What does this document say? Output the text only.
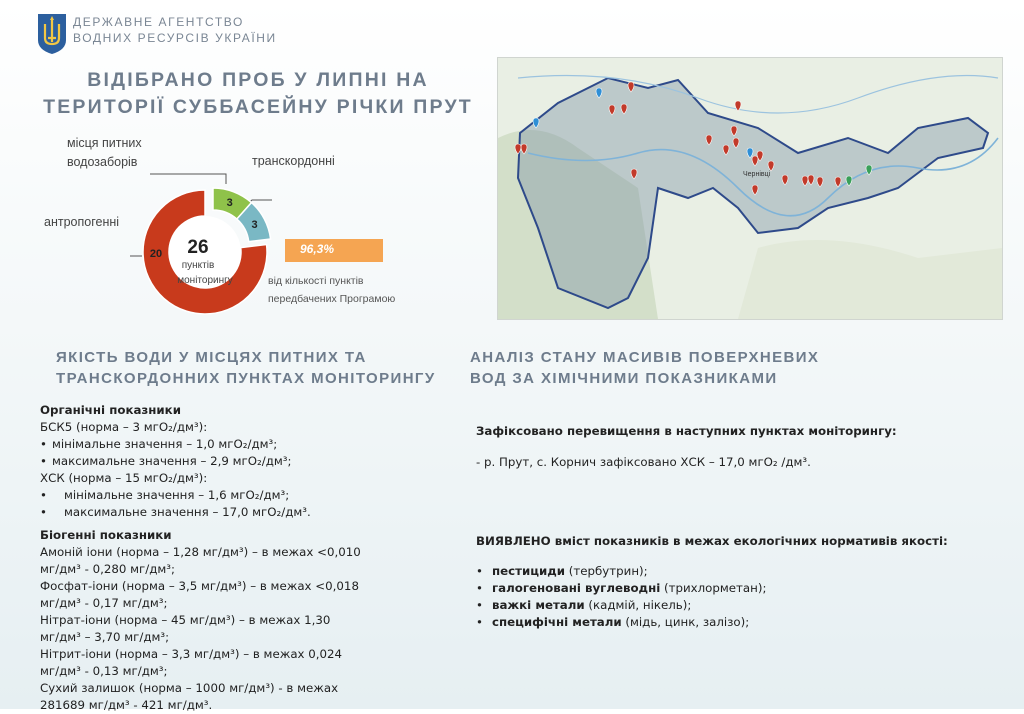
ДЕРЖАВНЕ АГЕНТСТВО
ВОДНИХ РЕСУРСІВ УКРАЇНИ
ВІДІБРАНО ПРОБ У ЛИПНІ НА
ТЕРИТОРІЇ СУББАСЕЙНУ РІЧКИ ПРУТ
місця питних
водозаборів	транскордонні
антропогенні
20
3
3
26
пунктів
моніторингу
96,3%
від кількості пунктів
передбачених Програмою
Чернівці
ЯКІСТЬ ВОДИ У МІСЦЯХ ПИТНИХ ТА
ТРАНСКОРДОННИХ ПУНКТАХ МОНІТОРИНГУ
Органічні показники
БСК5 (норма – 3 мгО₂/дм³):
• мінімальне значення – 1,0 мгО₂/дм³;
• максимальне значення – 2,9 мгО₂/дм³;
ХСК (норма – 15 мгО₂/дм³):
• мінімальне значення – 1,6 мгО₂/дм³;
• максимальне значення – 17,0 мгО₂/дм³.
Біогенні показники
Амоній іони (норма – 1,28 мг/дм³) – в межах <0,010
мг/дм³ - 0,280 мг/дм³;
Фосфат-іони (норма – 3,5 мг/дм³) – в межах <0,018
мг/дм³ - 0,17 мг/дм³;
Нітрат-іони (норма – 45 мг/дм³) – в межах 1,30
мг/дм³ – 3,70 мг/дм³;
Нітрит-іони (норма – 3,3 мг/дм³) – в межах 0,024
мг/дм³ - 0,13 мг/дм³;
Сухий залишок (норма – 1000 мг/дм³) - в межах
281689 мг/дм³ - 421 мг/дм³.
АНАЛІЗ СТАНУ МАСИВІВ ПОВЕРХНЕВИХ
ВОД ЗА ХІМІЧНИМИ ПОКАЗНИКАМИ
Зафіксовано перевищення в наступних пунктах моніторингу:
- р. Прут, с. Корнич зафіксовано ХСК – 17,0 мгО₂ /дм³.
ВИЯВЛЕНО вміст показників в межах екологічних нормативів якості:
• пестициди (тербутрин);
• галогеновані вуглеводні (трихлорметан);
• важкі метали (кадмій, нікель);
• специфічні метали (мідь, цинк, залізо);
